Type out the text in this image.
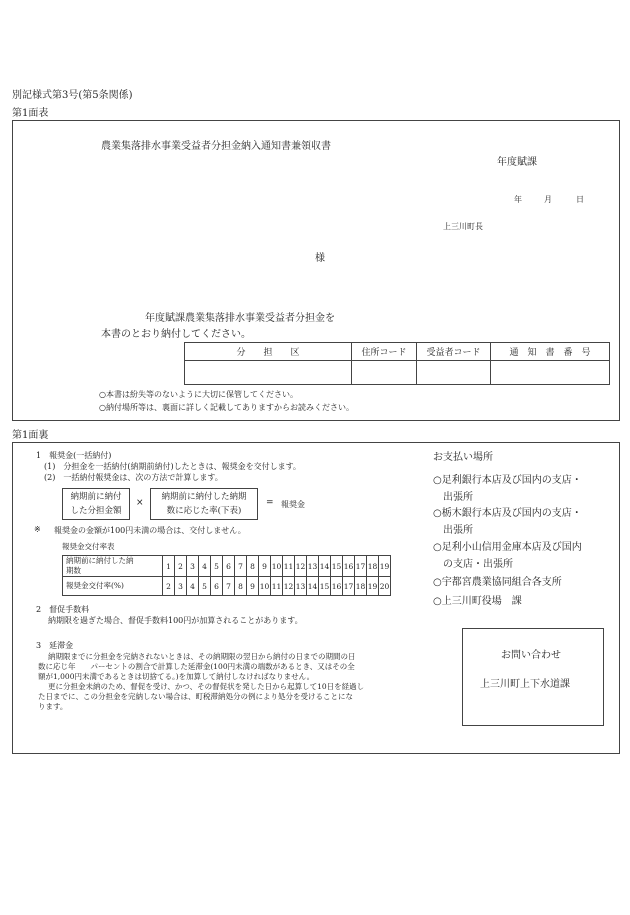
別記様式第3号(第5条関係)
第1面表
農業集落排水事業受益者分担金納入通知書兼領収書
年度賦課
年	月	日
上三川町長
様
年度賦課農業集落排水事業受益者分担金を
本書のとおり納付してください。
分　　担　　区	住所コード	受益者コード	通　知　書　番　号

○本書は紛失等のないように大切に保管してください。
○納付場所等は、裏面に詳しく記載してありますからお読みください。
第1面裏
1　報奨金(一括納付)
(1)　分担金を一括納付(納期前納付)したときは、報奨金を交付します。
(2)　一括納付報奨金は、次の方法で計算します。
納期前に納付
した分担金額
×
納期前に納付した納期
数に応じた率(下表)
= 報奨金
※ 報奨金の金額が100円未満の場合は、交付しません。
報奨金交付率表
納期前に納付した納
期数	1	2	3	4	5	6	7	8	9	10	11	12	13	14	15	16	17	18	19
報奨金交付率(%)	2	3	4	5	6	7	8	9	10	11	12	13	14	15	16	17	18	19	20
2　督促手数料
納期限を過ぎた場合、督促手数料100円が加算されることがあります。
3　延滞金
納期限までに分担金を完納されないときは、その納期限の翌日から納付の日までの期間の日
数に応じ年　　パーセントの割合で計算した延滞金(100円未満の端数があるとき、又はその全
額が1,000円未満であるときは切捨てる。)を加算して納付しなければなりません。
更に分担金未納のため、督促を受け、かつ、その督促状を発した日から起算して10日を経過し
た日までに、この分担金を完納しない場合は、町税滞納処分の例により処分を受けることにな
ります。
お支払い場所
○足利銀行本店及び国内の支店・
　出張所
○栃木銀行本店及び国内の支店・
　出張所
○足利小山信用金庫本店及び国内
　の支店・出張所
○宇都宮農業協同組合各支所
○上三川町役場　課
お問い合わせ
上三川町上下水道課
